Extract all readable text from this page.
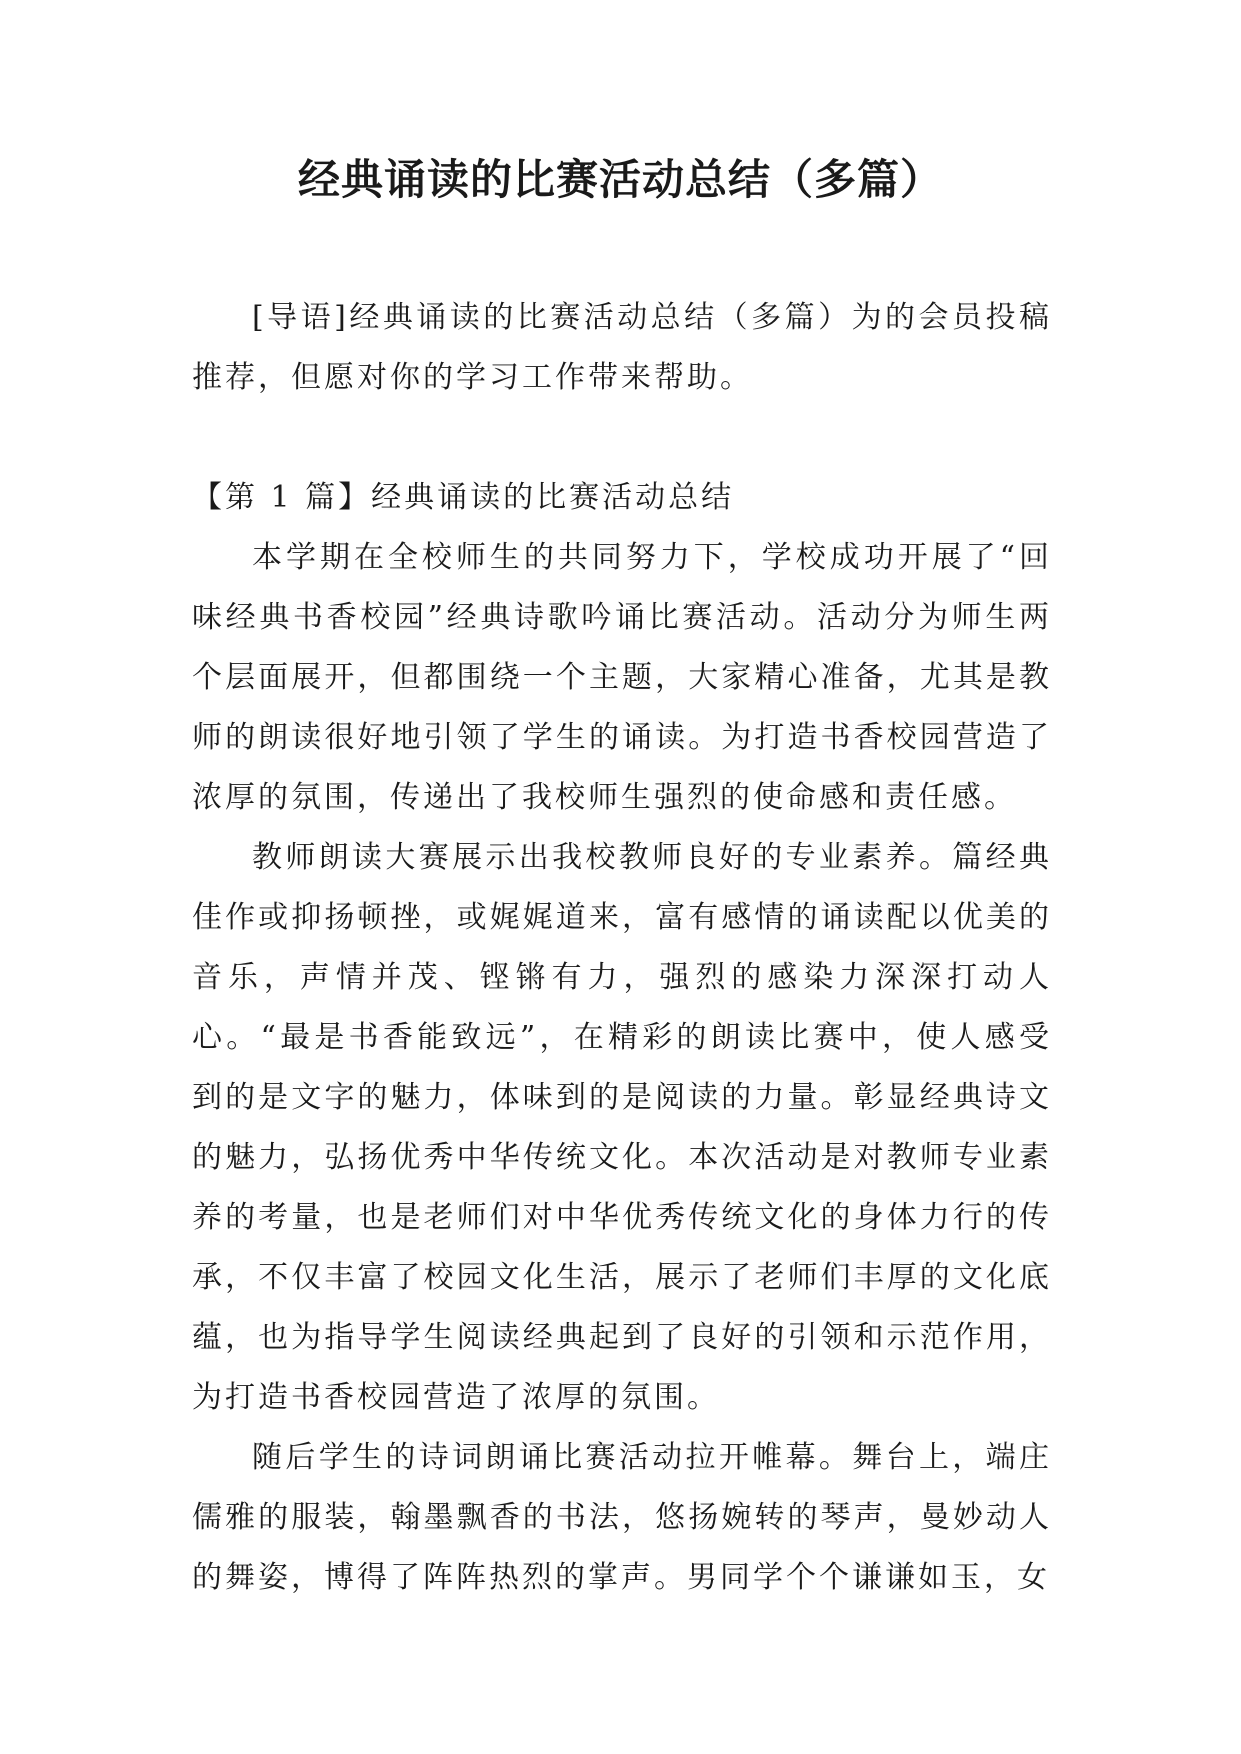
经典诵读的比赛活动总结（多篇）

[导语]经典诵读的比赛活动总结（多篇）为的会员投稿推荐，但愿对你的学习工作带来帮助。

【第 1 篇】经典诵读的比赛活动总结

本学期在全校师生的共同努力下，学校成功开展了“回味经典书香校园”经典诗歌吟诵比赛活动。活动分为师生两个层面展开，但都围绕一个主题，大家精心准备，尤其是教师的朗读很好地引领了学生的诵读。为打造书香校园营造了浓厚的氛围，传递出了我校师生强烈的使命感和责任感。

教师朗读大赛展示出我校教师良好的专业素养。篇经典佳作或抑扬顿挫，或娓娓道来，富有感情的诵读配以优美的音乐，声情并茂、铿锵有力，强烈的感染力深深打动人心。“最是书香能致远”，在精彩的朗读比赛中，使人感受到的是文字的魅力，体味到的是阅读的力量。彰显经典诗文的魅力，弘扬优秀中华传统文化。本次活动是对教师专业素养的考量，也是老师们对中华优秀传统文化的身体力行的传承，不仅丰富了校园文化生活，展示了老师们丰厚的文化底蕴，也为指导学生阅读经典起到了良好的引领和示范作用，为打造书香校园营造了浓厚的氛围。

随后学生的诗词朗诵比赛活动拉开帷幕。舞台上，端庄儒雅的服装，翰墨飘香的书法，悠扬婉转的琴声，曼妙动人的舞姿，博得了阵阵热烈的掌声。男同学个个谦谦如玉，女
